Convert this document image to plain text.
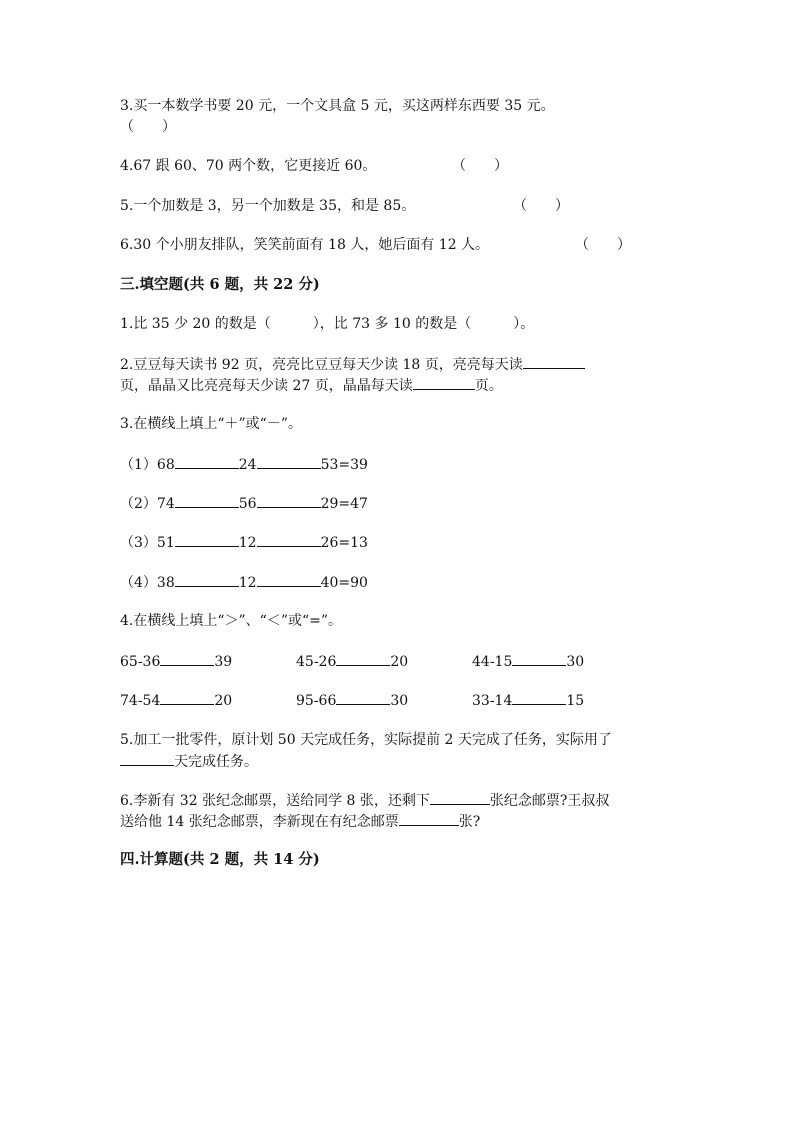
3.买一本数学书要 20 元，一个文具盒 5 元，买这两样东西要 35 元。
（　　）
4.67 跟 60、70 两个数，它更接近 60。	（　　）
5.一个加数是 3，另一个加数是 35，和是 85。	（　　）
6.30 个小朋友排队，笑笑前面有 18 人，她后面有 12 人。	（　　）
三.填空题(共 6 题，共 22 分)
1.比 35 少 20 的数是（　　　），比 73 多 10 的数是（　　　）。
2.豆豆每天读书 92 页，亮亮比豆豆每天少读 18 页，亮亮每天读
页，晶晶又比亮亮每天少读 27 页，晶晶每天读	页。
3.在横线上填上“＋”或“－”。
（1）68	24	53=39
（2）74	56	29=47
（3）51	12	26=13
（4）38	12	40=90
4.在横线上填上“＞”、“＜”或“=”。
65-36	39	45-26	20	44-15	30
74-54	20	95-66	30	33-14	15
5.加工一批零件，原计划 50 天完成任务，实际提前 2 天完成了任务，实际用了
天完成任务。
6.李新有 32 张纪念邮票，送给同学 8 张，还剩下	张纪念邮票?王叔叔
送给他 14 张纪念邮票，李新现在有纪念邮票	张?
四.计算题(共 2 题，共 14 分)
